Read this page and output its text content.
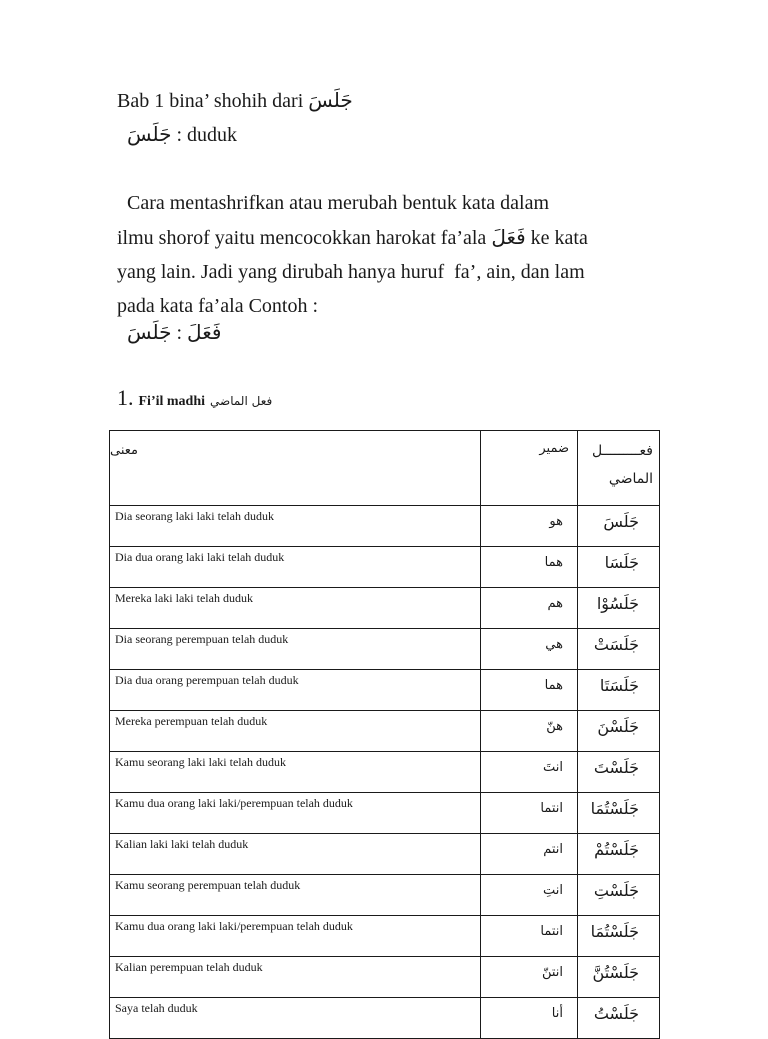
Bab 1 bina’ shohih dari جَلَسَ
جَلَسَ : duduk
Cara mentashrifkan atau merubah bentuk kata dalam
ilmu shorof yaitu mencocokkan harokat fa’ala فَعَلَ ke kata
yang lain. Jadi yang dirubah hanya huruf  fa’, ain, dan lam
pada kata fa’ala Contoh :
جَلَسَ : فَعَلَ
1. Fi’il madhi فعل الماضي
معنى	ضمير	فعـــــــــل
الماضي

Dia seorang laki laki telah duduk	هو	جَلَسَ
Dia dua orang laki laki telah duduk	هما	جَلَسَا
Mereka laki laki telah duduk	هم	جَلَسُوْا
Dia seorang perempuan telah duduk	هي	جَلَسَتْ
Dia dua orang perempuan telah duduk	هما	جَلَسَتَا
Mereka perempuan telah duduk	هنّ	جَلَسْنَ
Kamu seorang laki laki telah duduk	انتَ	جَلَسْتَ
Kamu dua orang laki laki/perempuan telah duduk	انتما	جَلَسْتُمَا
Kalian laki laki telah duduk	انتم	جَلَسْتُمْ
Kamu seorang perempuan telah duduk	انتِ	جَلَسْتِ
Kamu dua orang laki laki/perempuan telah duduk	انتما	جَلَسْتُمَا
Kalian perempuan telah duduk	انتنّ	جَلَسْتُنَّ
Saya telah duduk	أنا	جَلَسْتُ
